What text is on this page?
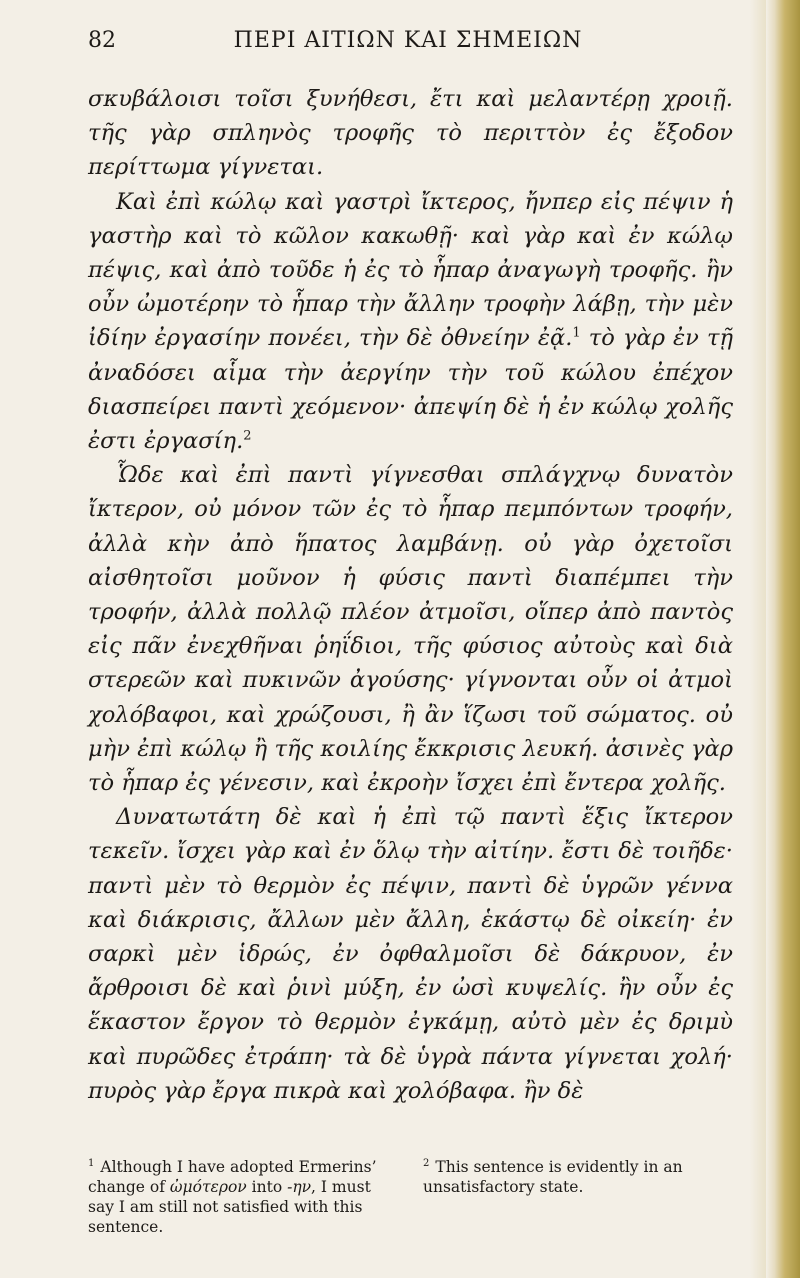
82	ΠΕΡΙ ΑΙΤΙΩΝ ΚΑΙ ΣΗΜΕΙΩΝ

σκυβάλοισι τοῖσι ξυνήθεσι, ἔτι καὶ μελαντέρῃ χροιῇ. τῆς γὰρ σπληνὸς τροφῆς τὸ περιττὸν ἐς ἔξοδον περίττωμα γίγνεται.

Καὶ ἐπὶ κώλῳ καὶ γαστρὶ ἴκτερος, ἤνπερ εἰς πέψιν ἡ γαστὴρ καὶ τὸ κῶλον κακωθῇ· καὶ γὰρ καὶ ἐν κώλῳ πέψις, καὶ ἀπὸ τοῦδε ἡ ἐς τὸ ἧπαρ ἀναγωγὴ τροφῆς. ἢν οὖν ὠμοτέρην τὸ ἧπαρ τὴν ἄλλην τροφὴν λάβῃ, τὴν μὲν ἰδίην ἐργασίην πονέει, τὴν δὲ ὀθνείην ἐᾷ.$^1$ τὸ γὰρ ἐν τῇ ἀναδόσει αἷμα τὴν ἀεργίην τὴν τοῦ κώλου ἐπέχον διασπείρει παντὶ χεόμενον· ἀπεψίη δὲ ἡ ἐν κώλῳ χολῆς ἐστι ἐργασίη.$^2$

Ὧδε καὶ ἐπὶ παντὶ γίγνεσθαι σπλάγχνῳ δυνατὸν ἴκτερον, οὐ μόνον τῶν ἐς τὸ ἧπαρ πεμπόντων τροφήν, ἀλλὰ κὴν ἀπὸ ἥπατος λαμβάνῃ. οὐ γὰρ ὀχετοῖσι αἰσθητοῖσι μοῦνον ἡ φύσις παντὶ διαπέμπει τὴν τροφήν, ἀλλὰ πολλῷ πλέον ἀτμοῖσι, οἵπερ ἀπὸ παντὸς εἰς πᾶν ἐνεχθῆναι ῥηΐδιοι, τῆς φύσιος αὐτοὺς καὶ διὰ στερεῶν καὶ πυκινῶν ἀγούσης· γίγνονται οὖν οἱ ἀτμοὶ χολόβαφοι, καὶ χρώζουσι, ἢ ἂν ἵζωσι τοῦ σώματος. οὐ μὴν ἐπὶ κώλῳ ἢ τῆς κοιλίης ἔκκρισις λευκή. ἀσινὲς γὰρ τὸ ἧπαρ ἐς γένεσιν, καὶ ἐκροὴν ἴσχει ἐπὶ ἔντερα χολῆς.

Δυνατωτάτη δὲ καὶ ἡ ἐπὶ τῷ παντὶ ἕξις ἴκτερον τεκεῖν. ἴσχει γὰρ καὶ ἐν ὅλῳ τὴν αἰτίην. ἔστι δὲ τοιῆδε· παντὶ μὲν τὸ θερμὸν ἐς πέψιν, παντὶ δὲ ὑγρῶν γέννα καὶ διάκρισις, ἄλλων μὲν ἄλλη, ἑκάστῳ δὲ οἰκείη· ἐν σαρκὶ μὲν ἱδρώς, ἐν ὀφθαλμοῖσι δὲ δάκρυον, ἐν ἄρθροισι δὲ καὶ ῥινὶ μύξη, ἐν ὠσὶ κυψελίς. ἢν οὖν ἐς ἕκαστον ἔργον τὸ θερμὸν ἐγκάμῃ, αὐτὸ μὲν ἐς δριμὺ καὶ πυρῶδες ἐτράπη· τὰ δὲ ὑγρὰ πάντα γίγνεται χολή· πυρὸς γὰρ ἔργα πικρὰ καὶ χολόβαφα. ἢν δὲ

$^1$ Although I have adopted Ermerins’ change of ὠμότερον into -ην, I must say I am still not satisfied with this sentence.
$^2$ This sentence is evidently in an unsatisfactory state.
